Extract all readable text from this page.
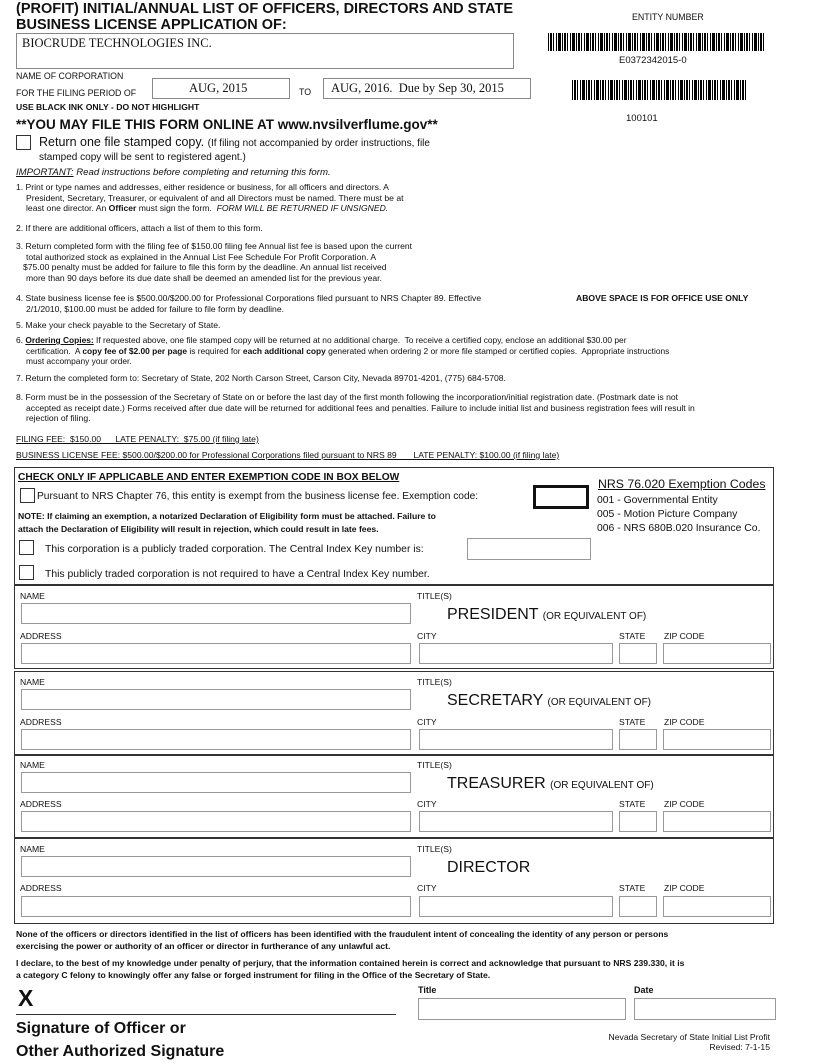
(PROFIT) INITIAL/ANNUAL LIST OF OFFICERS, DIRECTORS AND STATE
BUSINESS LICENSE APPLICATION OF:
BIOCRUDE TECHNOLOGIES INC.
NAME OF CORPORATION
FOR THE FILING PERIOD OF	AUG, 2015	TO AUG, 2016.  Due by Sep 30, 2015
USE BLACK INK ONLY - DO NOT HIGHLIGHT
**YOU MAY FILE THIS FORM ONLINE AT www.nvsilverflume.gov**
Return one file stamped copy. (If filing not accompanied by order instructions, file
stamped copy will be sent to registered agent.)
ENTITY NUMBER
E0372342015-0
100101
ABOVE SPACE IS FOR OFFICE USE ONLY
IMPORTANT: Read instructions before completing and returning this form.
1. Print or type names and addresses, either residence or business, for all officers and directors. A
President, Secretary, Treasurer, or equivalent of and all Directors must be named. There must be at
least one director. An Officer must sign the form.  FORM WILL BE RETURNED IF UNSIGNED.
2. If there are additional officers, attach a list of them to this form.
3. Return completed form with the filing fee of $150.00 filing fee Annual list fee is based upon the current
total authorized stock as explained in the Annual List Fee Schedule For Profit Corporation. A
$75.00 penalty must be added for failure to file this form by the deadline. An annual list received
more than 90 days before its due date shall be deemed an amended list for the previous year.
4. State business license fee is $500.00/$200.00 for Professional Corporations filed pursuant to NRS Chapter 89. Effective
2/1/2010, $100.00 must be added for failure to file form by deadline.
5. Make your check payable to the Secretary of State.
6. Ordering Copies: If requested above, one file stamped copy will be returned at no additional charge.  To receive a certified copy, enclose an additional $30.00 per
certification.  A copy fee of $2.00 per page is required for each additional copy generated when ordering 2 or more file stamped or certified copies.  Appropriate instructions
must accompany your order.
7. Return the completed form to: Secretary of State, 202 North Carson Street, Carson City, Nevada 89701-4201, (775) 684-5708.
8. Form must be in the possession of the Secretary of State on or before the last day of the first month following the incorporation/initial registration date. (Postmark date is not
accepted as receipt date.) Forms received after due date will be returned for additional fees and penalties. Failure to include initial list and business registration fees will result in
rejection of filing.
FILING FEE:  $150.00      LATE PENALTY:  $75.00 (if filing late)
BUSINESS LICENSE FEE: $500.00/$200.00 for Professional Corporations filed pursuant to NRS 89       LATE PENALTY: $100.00 (if filing late)
CHECK ONLY IF APPLICABLE AND ENTER EXEMPTION CODE IN BOX BELOW
Pursuant to NRS Chapter 76, this entity is exempt from the business license fee. Exemption code:
NOTE: If claiming an exemption, a notarized Declaration of Eligibility form must be attached. Failure to
attach the Declaration of Eligibility will result in rejection, which could result in late fees.
NRS 76.020 Exemption Codes
001 - Governmental Entity
005 - Motion Picture Company
006 - NRS 680B.020 Insurance Co.
This corporation is a publicly traded corporation. The Central Index Key number is:
This publicly traded corporation is not required to have a Central Index Key number.
NAME	TITLE(S)
PRESIDENT (OR EQUIVALENT OF)
ADDRESS	CITY	STATE ZIP CODE
NAME	TITLE(S)
SECRETARY (OR EQUIVALENT OF)
ADDRESS	CITY	STATE ZIP CODE
NAME	TITLE(S)
TREASURER (OR EQUIVALENT OF)
ADDRESS	CITY	STATE ZIP CODE
NAME	TITLE(S)
DIRECTOR
ADDRESS	CITY	STATE ZIP CODE
None of the officers or directors identified in the list of officers has been identified with the fraudulent intent of concealing the identity of any person or persons
exercising the power or authority of an officer or director in furtherance of any unlawful act.
I declare, to the best of my knowledge under penalty of perjury, that the information contained herein is correct and acknowledge that pursuant to NRS 239.330, it is
a category C felony to knowingly offer any false or forged instrument for filing in the Office of the Secretary of State.
X
Signature of Officer or
Other Authorized Signature
Title	Date
Nevada Secretary of State Initial List Profit
Revised: 7-1-15
